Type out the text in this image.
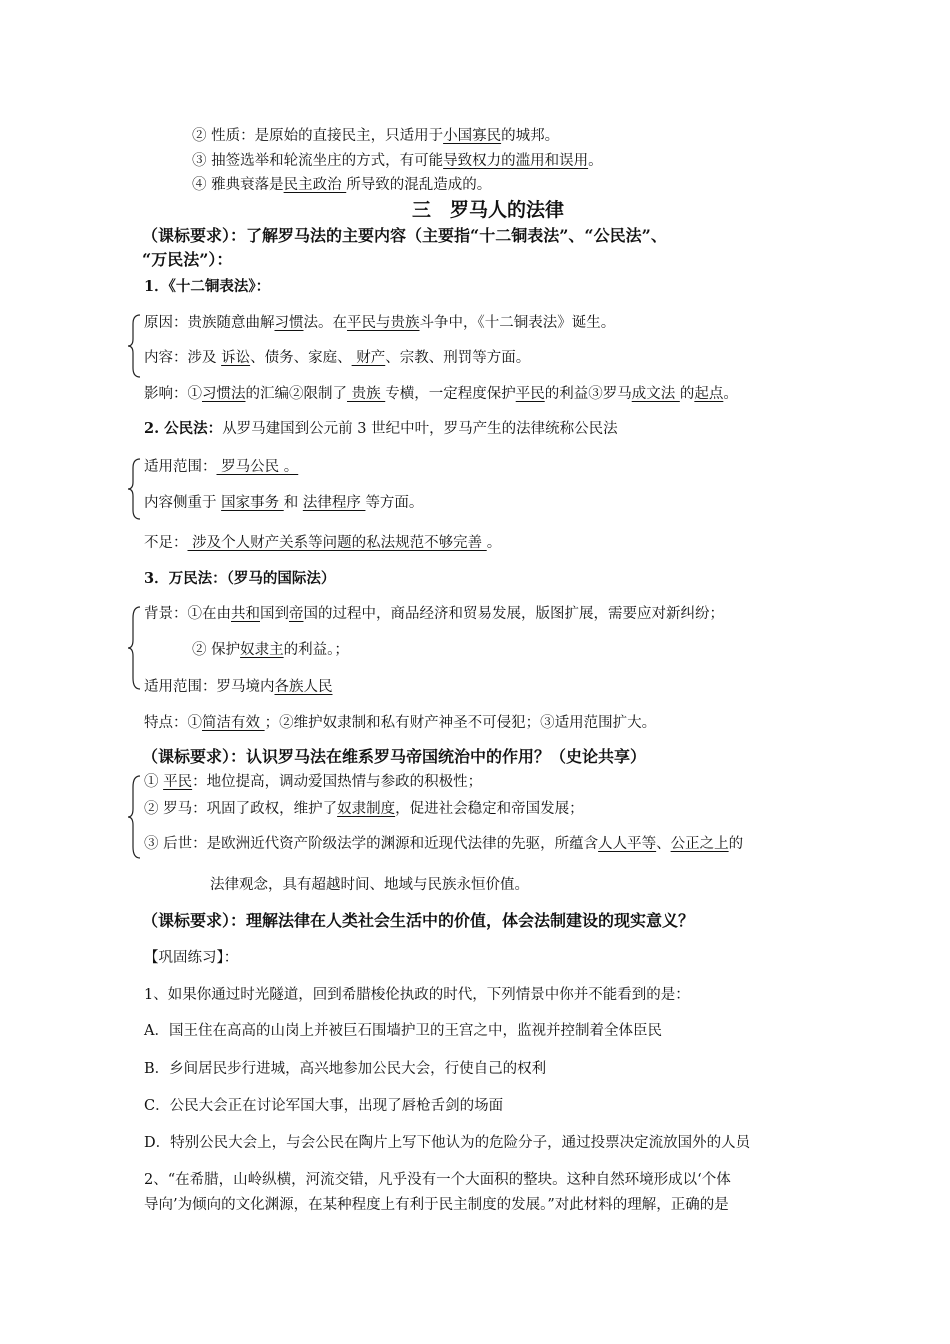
② 性质：是原始的直接民主，只适用于小国寡民的城邦。
③ 抽签选举和轮流坐庄的方式，有可能导致权力的滥用和误用。
④ 雅典衰落是民主政治 所导致的混乱造成的。
三　罗马人的法律
（课标要求）：了解罗马法的主要内容（主要指“十二铜表法”、“公民法”、
“万民法”）：
1．《十二铜表法》：
原因：贵族随意曲解习惯法。在平民与贵族斗争中，《十二铜表法》诞生。
内容：涉及 诉讼、债务、家庭、 财产、宗教、刑罚等方面。
影响：①习惯法的汇编②限制了 贵族 专横，一定程度保护平民的利益③罗马成文法 的起点。
2. 公民法：从罗马建国到公元前 3 世纪中叶，罗马产生的法律统称公民法
适用范围： 罗马公民 。
内容侧重于 国家事务 和 法律程序 等方面。
不足： 涉及个人财产关系等问题的私法规范不够完善 。
3．万民法：（罗马的国际法）
背景：①在由共和国到帝国的过程中，商品经济和贸易发展，版图扩展，需要应对新纠纷；
② 保护奴隶主的利益。；
适用范围：罗马境内各族人民
特点：①简洁有效 ；②维护奴隶制和私有财产神圣不可侵犯；③适用范围扩大。
（课标要求）：认识罗马法在维系罗马帝国统治中的作用？（史论共享）
① 平民：地位提高，调动爱国热情与参政的积极性；
② 罗马：巩固了政权，维护了奴隶制度，促进社会稳定和帝国发展；
③ 后世：是欧洲近代资产阶级法学的渊源和近现代法律的先驱，所蕴含人人平等、公正之上的
法律观念，具有超越时间、地域与民族永恒价值。
（课标要求）：理解法律在人类社会生活中的价值，体会法制建设的现实意义？
【巩固练习】：
1、如果你通过时光隧道，回到希腊梭伦执政的时代，下列情景中你并不能看到的是：
A．国王住在高高的山岗上并被巨石围墙护卫的王宫之中，监视并控制着全体臣民
B．乡间居民步行进城，高兴地参加公民大会，行使自己的权利
C．公民大会正在讨论军国大事，出现了唇枪舌剑的场面
D．特别公民大会上，与会公民在陶片上写下他认为的危险分子，通过投票决定流放国外的人员
2、“在希腊，山岭纵横，河流交错，凡乎没有一个大面积的整块。这种自然环境形成以‘个体
导向’为倾向的文化渊源，在某种程度上有利于民主制度的发展。”对此材料的理解，正确的是
